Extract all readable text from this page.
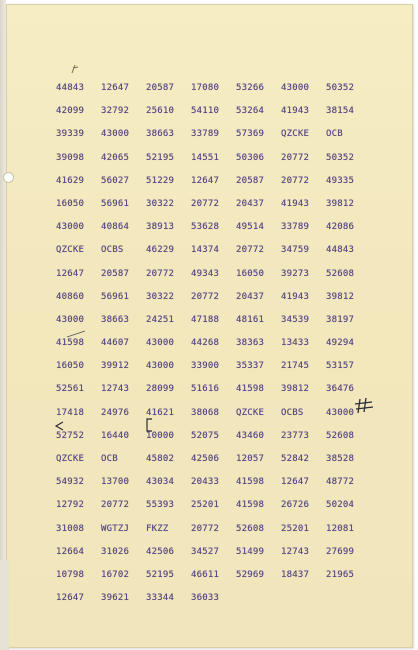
44843	12647	20587	17080	53266	43000	50352
42099	32792	25610	54110	53264	41943	38154
39339	43000	38663	33789	57369	QZCKE	OCB
39098	42065	52195	14551	50306	20772	50352
41629	56027	51229	12647	20587	20772	49335
16050	56961	30322	20772	20437	41943	39812
43000	40864	38913	53628	49514	33789	42086
QZCKE	OCBS	46229	14374	20772	34759	44843
12647	20587	20772	49343	16050	39273	52608
40860	56961	30322	20772	20437	41943	39812
43000	38663	24251	47188	48161	34539	38197
41598	44607	43000	44268	38363	13433	49294
16050	39912	43000	33900	35337	21745	53157
52561	12743	28099	51616	41598	39812	36476
17418	24976	41621	38068	QZCKE	OCBS	43000
52752	16440	10000	52075	43460	23773	52608
QZCKE	OCB	45802	42506	12057	52842	38528
54932	13700	43034	20433	41598	12647	48772
12792	20772	55393	25201	41598	26726	50204
31008	WGTZJ	FKZZ	20772	52608	25201	12081
12664	31026	42506	34527	51499	12743	27699
10798	16702	52195	46611	52969	18437	21965
12647	39621	33344	36033
